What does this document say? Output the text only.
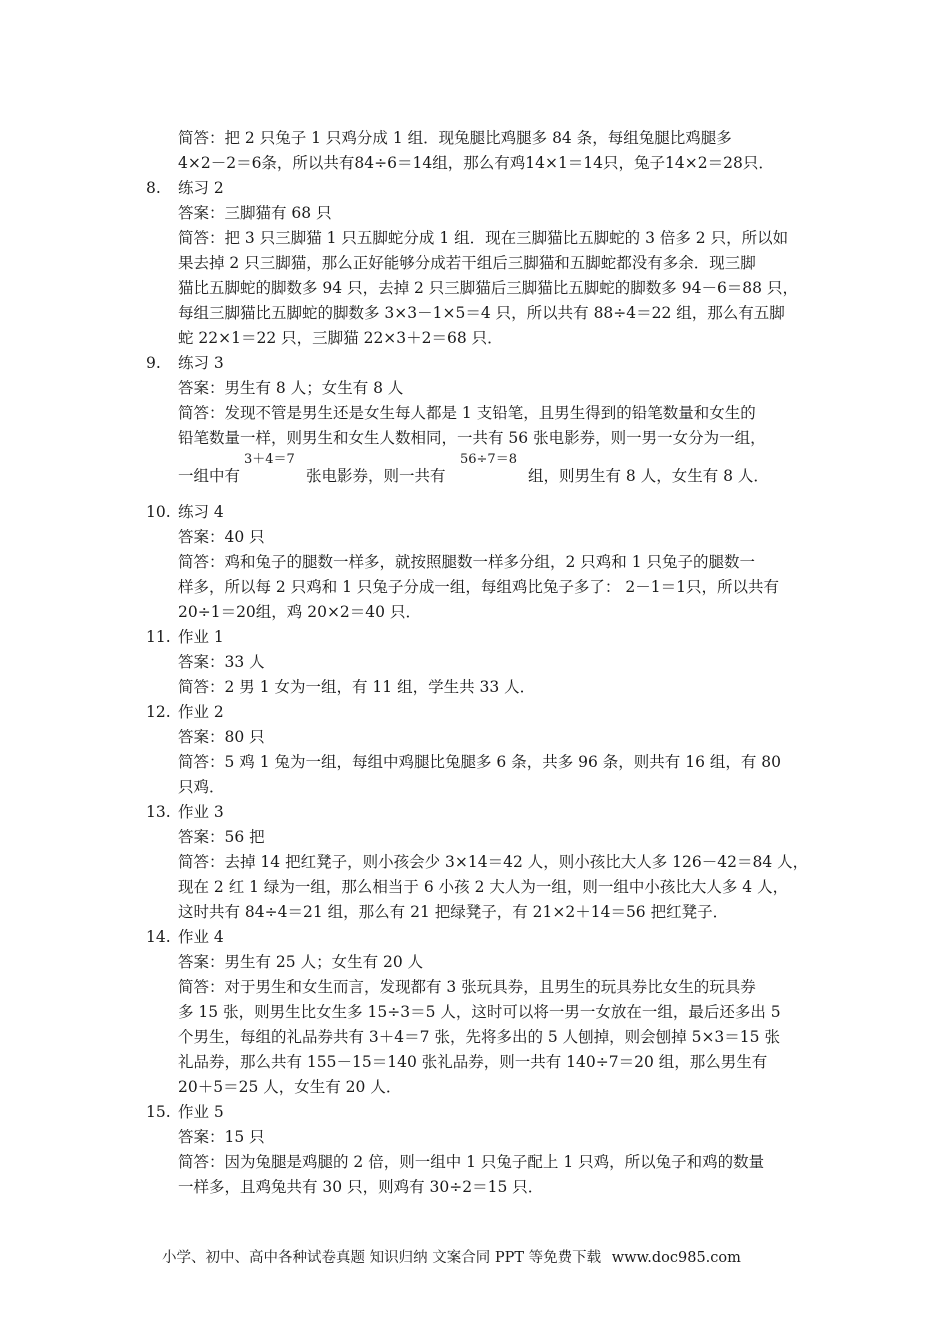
简答：把 2 只兔子 1 只鸡分成 1 组．现兔腿比鸡腿多 84 条，每组兔腿比鸡腿多
4×2－2＝6条，所以共有84÷6＝14组，那么有鸡14×1＝14只，兔子14×2＝28只．
8. 练习 2
答案：三脚猫有 68 只
简答：把 3 只三脚猫 1 只五脚蛇分成 1 组．现在三脚猫比五脚蛇的 3 倍多 2 只，所以如
果去掉 2 只三脚猫，那么正好能够分成若干组后三脚猫和五脚蛇都没有多余．现三脚
猫比五脚蛇的脚数多 94 只，去掉 2 只三脚猫后三脚猫比五脚蛇的脚数多 94－6＝88 只，
每组三脚猫比五脚蛇的脚数多 3×3－1×5＝4 只，所以共有 88÷4＝22 组，那么有五脚
蛇 22×1＝22 只，三脚猫 22×3＋2＝68 只．
9. 练习 3
答案：男生有 8 人；女生有 8 人
简答：发现不管是男生还是女生每人都是 1 支铅笔，且男生得到的铅笔数量和女生的
铅笔数量一样，则男生和女生人数相同，一共有 56 张电影券，则一男一女分为一组，
一组中有
3＋4＝7
张电影券，则一共有
56÷7＝8
组，则男生有 8 人，女生有 8 人．
10. 练习 4
答案：40 只
简答：鸡和兔子的腿数一样多，就按照腿数一样多分组，2 只鸡和 1 只兔子的腿数一
样多，所以每 2 只鸡和 1 只兔子分成一组，每组鸡比兔子多了： 2－1＝1只，所以共有
20÷1＝20组，鸡 20×2＝40 只．
11. 作业 1
答案：33 人
简答：2 男 1 女为一组，有 11 组，学生共 33 人．
12. 作业 2
答案：80 只
简答：5 鸡 1 兔为一组，每组中鸡腿比兔腿多 6 条，共多 96 条，则共有 16 组，有 80
只鸡．
13. 作业 3
答案：56 把
简答：去掉 14 把红凳子，则小孩会少 3×14＝42 人，则小孩比大人多 126－42＝84 人，
现在 2 红 1 绿为一组，那么相当于 6 小孩 2 大人为一组，则一组中小孩比大人多 4 人，
这时共有 84÷4＝21 组，那么有 21 把绿凳子，有 21×2＋14＝56 把红凳子．
14. 作业 4
答案：男生有 25 人；女生有 20 人
简答：对于男生和女生而言，发现都有 3 张玩具券，且男生的玩具券比女生的玩具券
多 15 张，则男生比女生多 15÷3＝5 人，这时可以将一男一女放在一组，最后还多出 5
个男生，每组的礼品券共有 3＋4＝7 张，先将多出的 5 人刨掉，则会刨掉 5×3＝15 张
礼品券，那么共有 155－15＝140 张礼品券，则一共有 140÷7＝20 组，那么男生有
20＋5＝25 人，女生有 20 人．
15. 作业 5
答案：15 只
简答：因为兔腿是鸡腿的 2 倍，则一组中 1 只兔子配上 1 只鸡，所以兔子和鸡的数量
一样多，且鸡兔共有 30 只，则鸡有 30÷2＝15 只．
小学、初中、高中各种试卷真题 知识归纳 文案合同 PPT 等免费下载 www.doc985.com
